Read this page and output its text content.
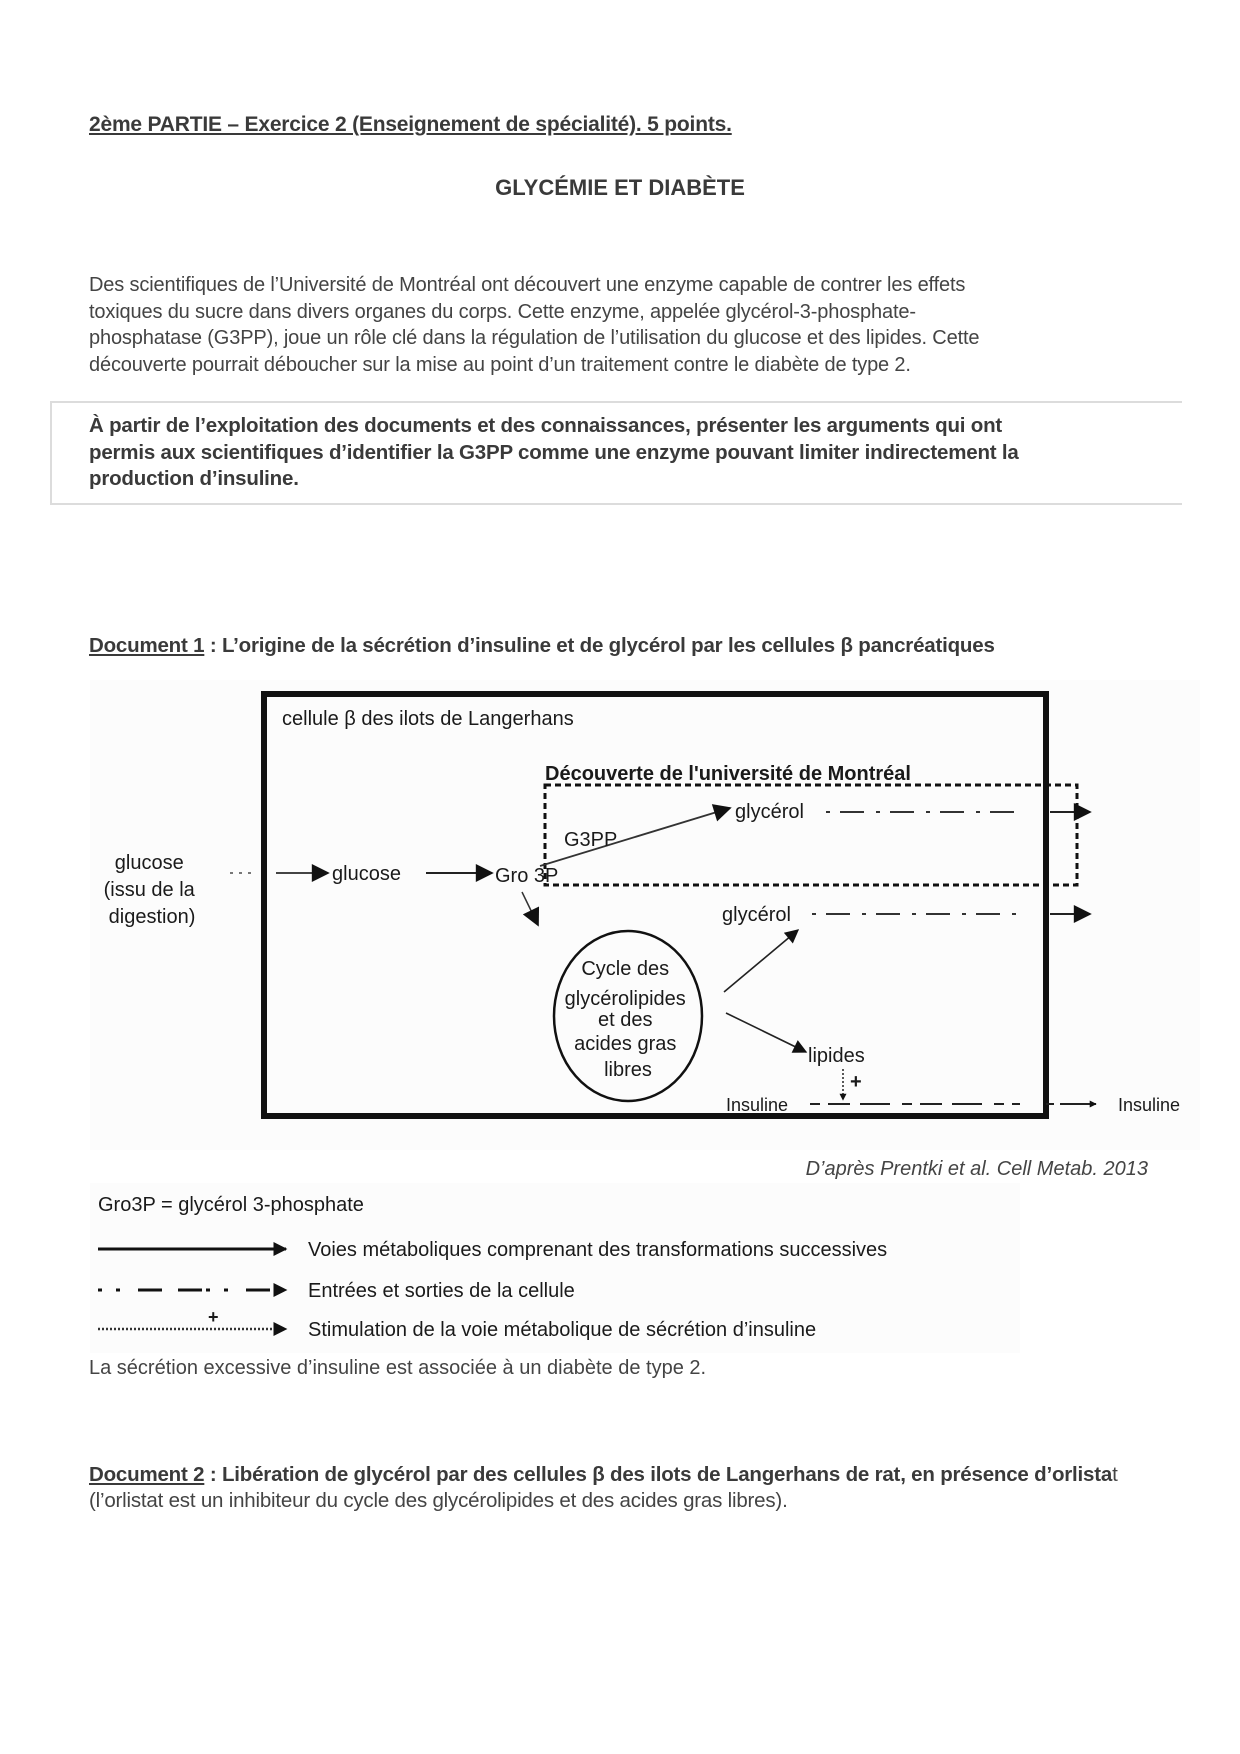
2ème PARTIE – Exercice 2 (Enseignement de spécialité). 5 points.
GLYCÉMIE ET DIABÈTE
Des scientifiques de l’Université de Montréal ont découvert une enzyme capable de contrer les effets
toxiques du sucre dans divers organes du corps. Cette enzyme, appelée glycérol-3-phosphate-
phosphatase (G3PP), joue un rôle clé dans la régulation de l’utilisation du glucose et des lipides. Cette
découverte pourrait déboucher sur la mise au point d’un traitement contre le diabète de type 2.
À partir de l’exploitation des documents et des connaissances, présenter les arguments qui ont
permis aux scientifiques d’identifier la G3PP comme une enzyme pouvant limiter indirectement la
production d’insuline.
Document 1 : L’origine de la sécrétion d’insuline et de glycérol par les cellules β pancréatiques
cellule β des ilots de Langerhans
Découverte de l'université de Montréal
glucose (issu de la digestion)
glucose	Gro 3P
G3PP
glycérol
Cycle des glycérolipides et des acides gras libres
glycérol
lipides
+
Insuline	Insuline
D’après Prentki et al. Cell Metab. 2013
Gro3P = glycérol 3-phosphate
Voies métaboliques comprenant des transformations successives
Entrées et sorties de la cellule
+
Stimulation de la voie métabolique de sécrétion d’insuline
La sécrétion excessive d’insuline est associée à un diabète de type 2.
Document 2 : Libération de glycérol par des cellules β des ilots de Langerhans de rat, en présence d’orlistat (l’orlistat est un inhibiteur du cycle des glycérolipides et des acides gras libres).
